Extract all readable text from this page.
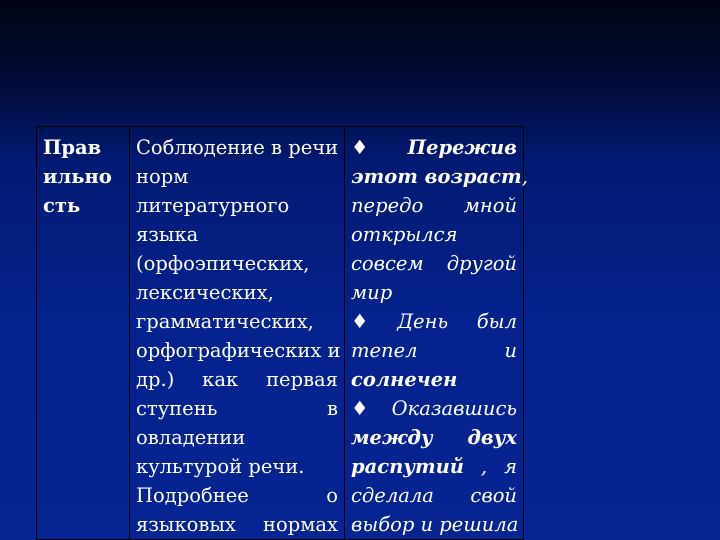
Прав
ильно
сть

Соблюдение в речи
норм
литературного
языка
(орфоэпических,
лексических,
грамматических,
орфографических и
др.) как первая
ступень	в
овладении
культурой речи.
Подробнее	о
языковых нормах

♦ Пережив
этот возраст,
передо мной
открылся
совсем другой
мир
♦ День был
тепел	и
солнечен
♦ Оказавшись
между двух
распутий , я
сделала свой
выбор и решила
